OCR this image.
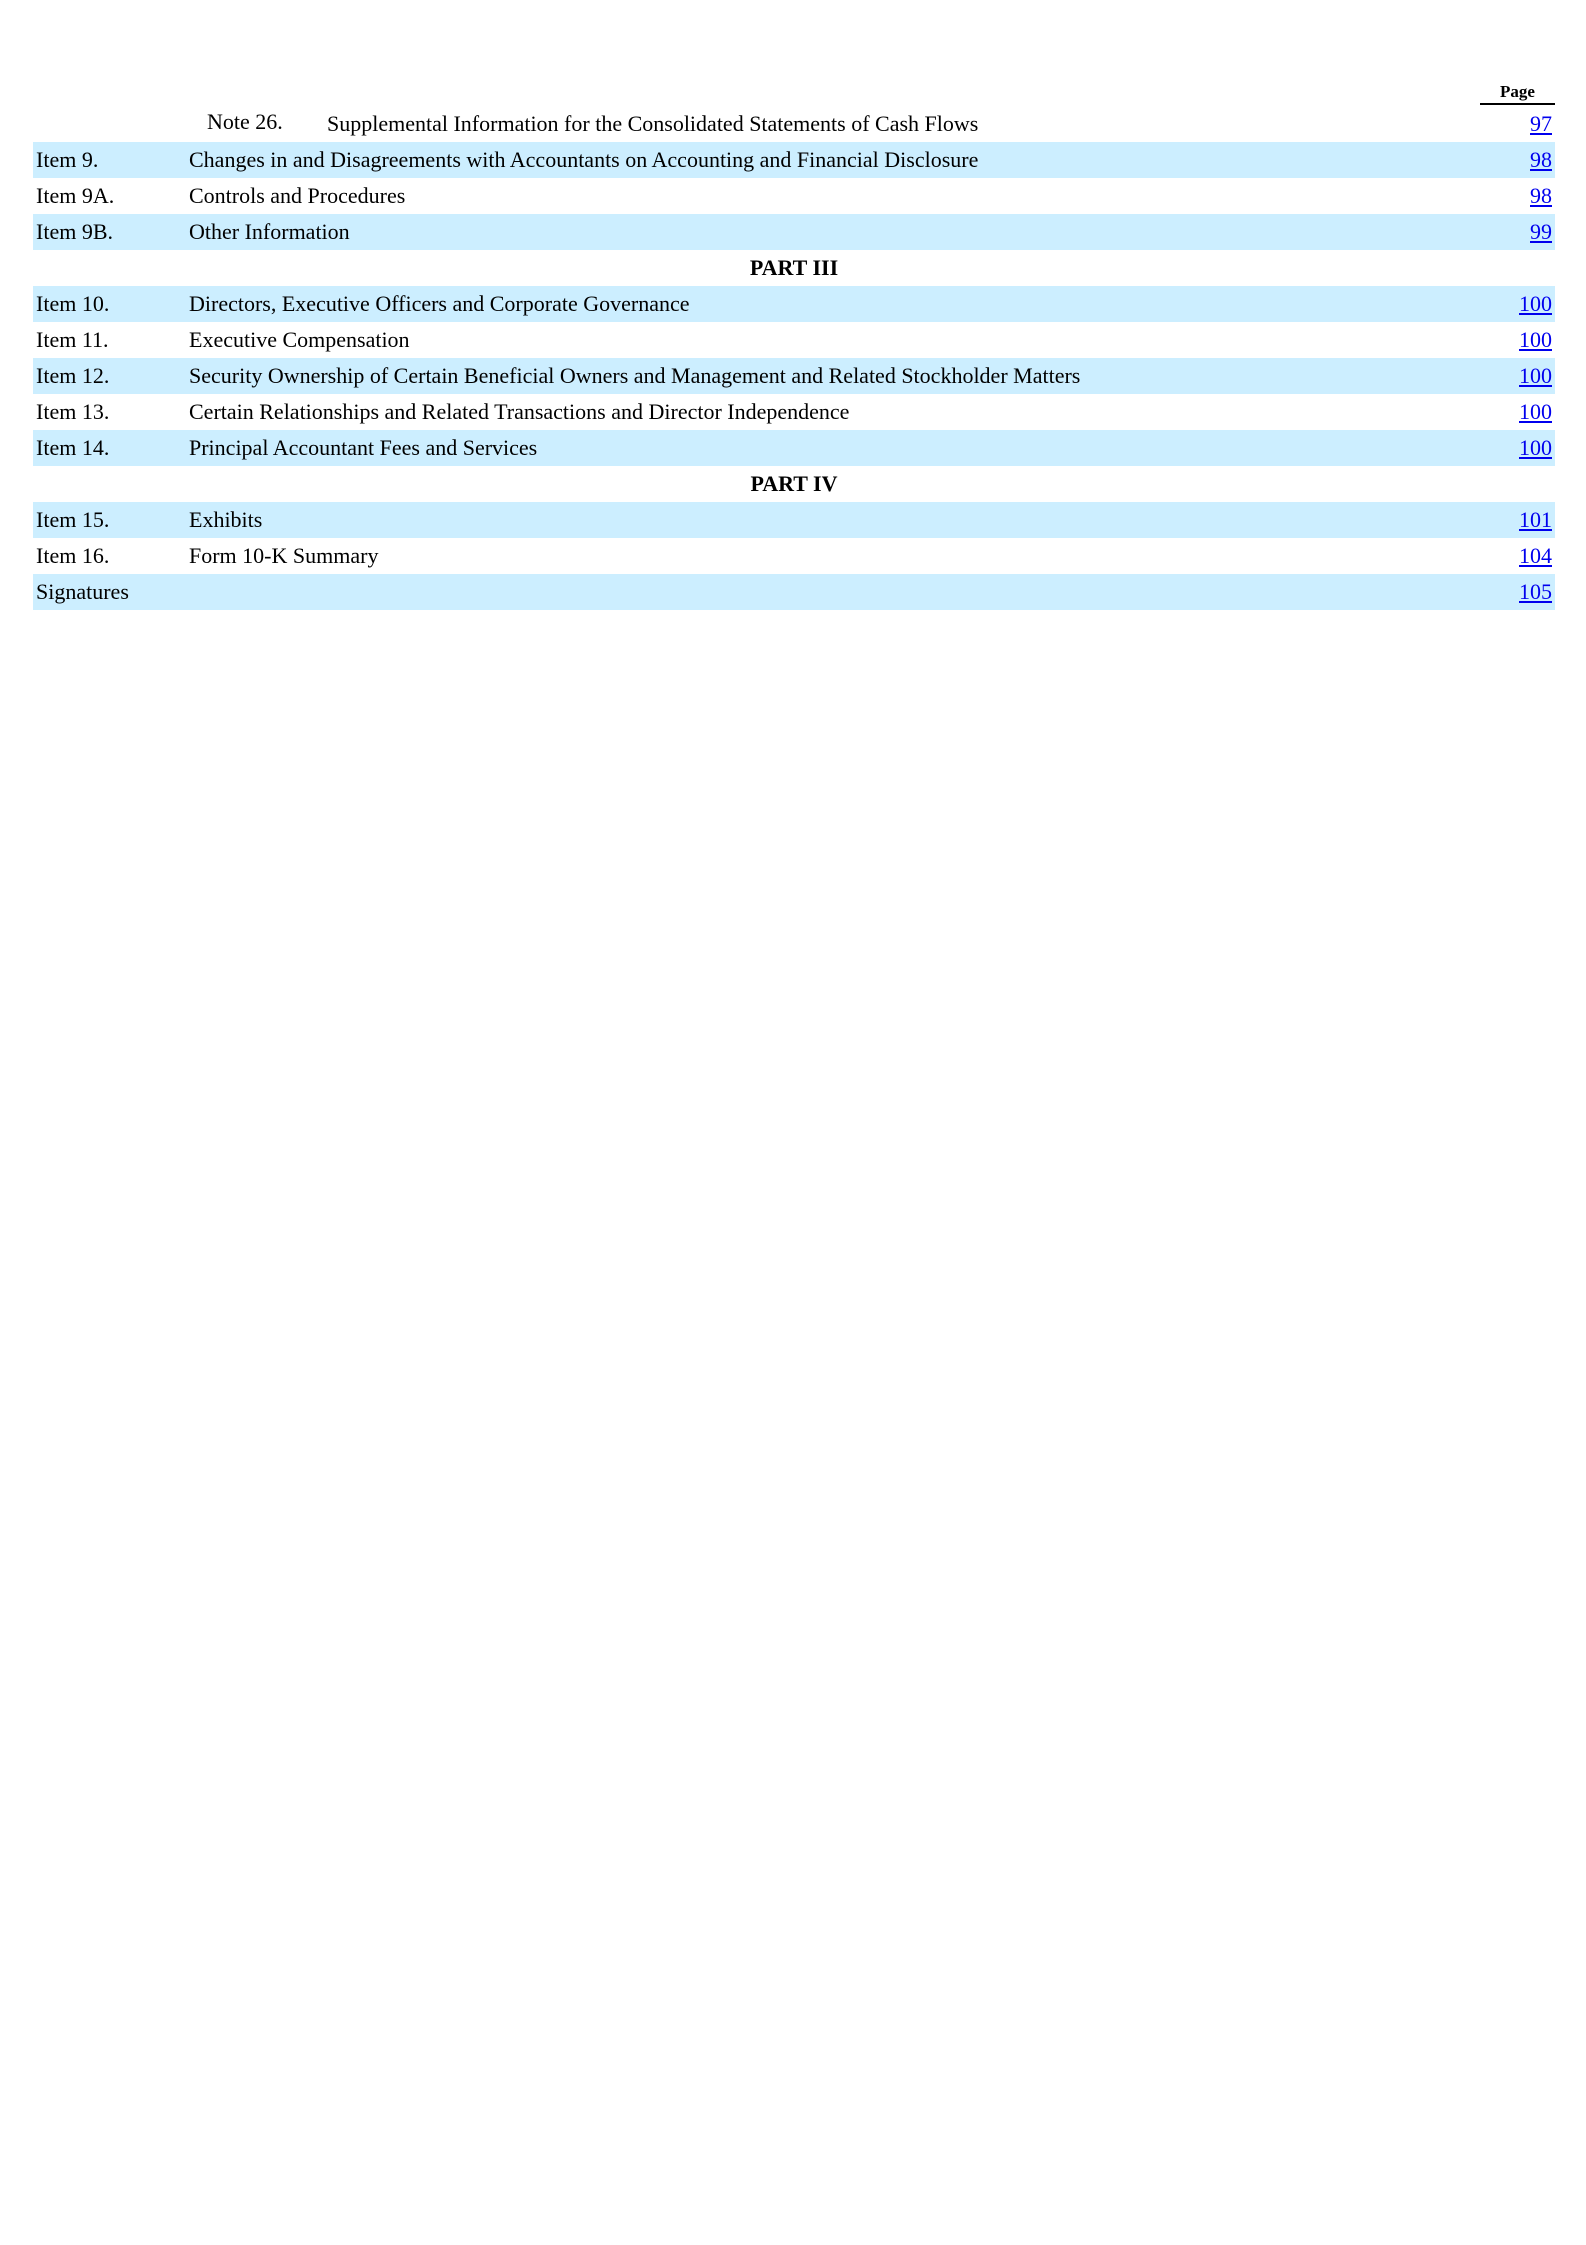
Page
Note 26. Supplemental Information for the Consolidated Statements of Cash Flows	97
Item 9.	Changes in and Disagreements with Accountants on Accounting and Financial Disclosure	98
Item 9A.	Controls and Procedures	98
Item 9B.	Other Information	99
PART III
Item 10.	Directors, Executive Officers and Corporate Governance	100
Item 11.	Executive Compensation	100
Item 12.	Security Ownership of Certain Beneficial Owners and Management and Related Stockholder Matters	100
Item 13.	Certain Relationships and Related Transactions and Director Independence	100
Item 14.	Principal Accountant Fees and Services	100
PART IV
Item 15.	Exhibits	101
Item 16.	Form 10-K Summary	104
Signatures	105
